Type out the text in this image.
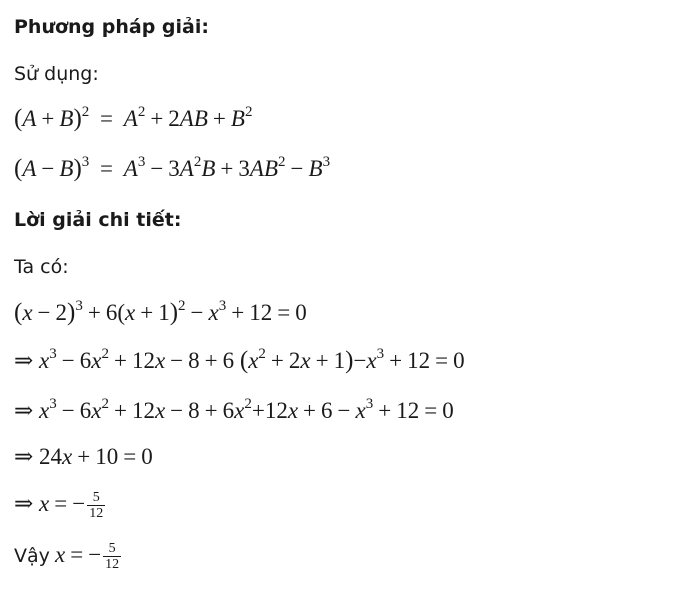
Phương pháp giải:
Sử dụng:
$(A + B)^2 = A^2 + 2AB + B^2$
$(A - B)^3 = A^3 - 3A^2B + 3AB^2 - B^3$
Lời giải chi tiết:
Ta có:
$(x - 2)^3 + 6(x + 1)^2 - x^3 + 12 = 0$
⇒ $x^3 - 6x^2 + 12x - 8 + 6$ $(x^2 + 2x + 1)-x^3 + 12 = 0$
⇒ $x^3 - 6x^2 + 12x - 8 + 6x^2+12x + 6 - x^3 + 12 = 0$
⇒ 24x + 10 = 0
⇒ x = − $\frac{5}{12}$
Vậy x = − $\frac{5}{12}$
